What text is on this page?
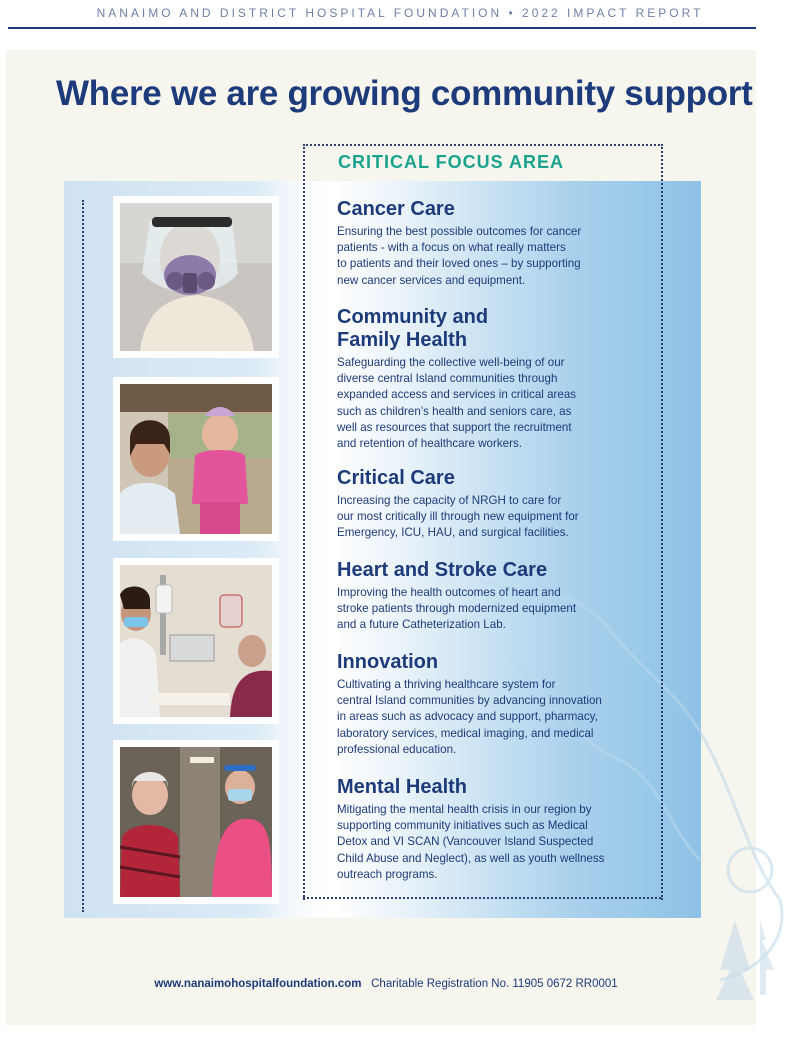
NANAIMO AND DISTRICT HOSPITAL FOUNDATION • 2022 IMPACT REPORT
Where we are growing community support
CRITICAL FOCUS AREA
Cancer Care

Ensuring the best possible outcomes for cancer
patients - with a focus on what really matters
to patients and their loved ones – by supporting
new cancer services and equipment.

Community and
Family Health

Safeguarding the collective well-being of our
diverse central Island communities through
expanded access and services in critical areas
such as children’s health and seniors care, as
well as resources that support the recruitment
and retention of healthcare workers.

Critical Care

Increasing the capacity of NRGH to care for
our most critically ill through new equipment for
Emergency, ICU, HAU, and surgical facilities.

Heart and Stroke Care

Improving the health outcomes of heart and
stroke patients through modernized equipment
and a future Catheterization Lab.

Innovation

Cultivating a thriving healthcare system for
central Island communities by advancing innovation
in areas such as advocacy and support, pharmacy,
laboratory services, medical imaging, and medical
professional education.

Mental Health

Mitigating the mental health crisis in our region by
supporting community initiatives such as Medical
Detox and VI SCAN (Vancouver Island Suspected
Child Abuse and Neglect), as well as youth wellness
outreach programs.

www.nanaimohospitalfoundation.com Charitable Registration No. 11905 0672 RR0001
